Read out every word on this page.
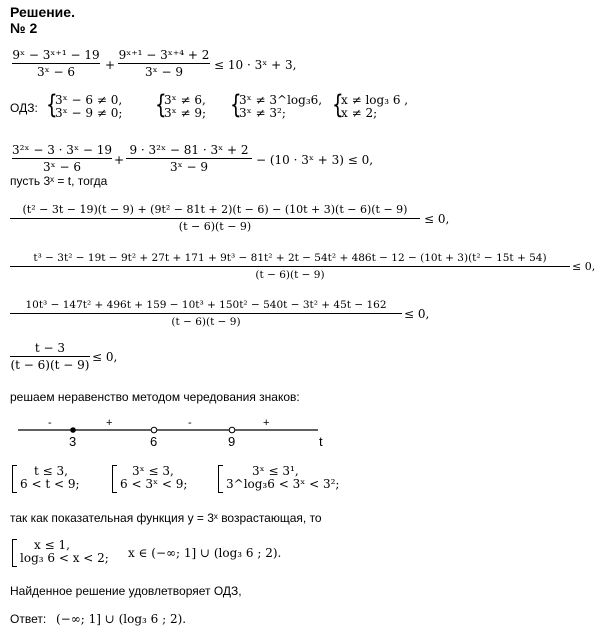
Решение.
№ 2
9ˣ − 3ˣ⁺¹ − 19
3ˣ − 6	+
9ˣ⁺¹ − 3ˣ⁺⁴ + 2
3ˣ − 9	≤ 10 · 3ˣ + 3,
ОДЗ: {
3ˣ − 6 ≠ 0,
3ˣ − 9 ≠ 0; {
3ˣ ≠ 6,
3ˣ ≠ 9; {
3ˣ ≠ 3^log₃6,
3ˣ ≠ 3²;	{
x ≠ log₃ 6 ,
x ≠ 2;
3²ˣ − 3 · 3ˣ − 19
3ˣ − 6	+
9 · 3²ˣ − 81 · 3ˣ + 2
3ˣ − 9	− (10 · 3ˣ + 3) ≤ 0,
пусть 3ˣ = t, тогда
(t² − 3t − 19)(t − 9) + (9t² − 81t + 2)(t − 6) − (10t + 3)(t − 6)(t − 9)
(t − 6)(t − 9)
≤ 0,
t³ − 3t² − 19t − 9t² + 27t + 171 + 9t³ − 81t² + 2t − 54t² + 486t − 12 − (10t + 3)(t² − 15t + 54)
(t − 6)(t − 9)
≤ 0,
10t³ − 147t² + 496t + 159 − 10t³ + 150t² − 540t − 3t² + 45t − 162
(t − 6)(t − 9)
≤ 0,
t − 3
(t − 6)(t − 9)
≤ 0,
решаем неравенство методом чередования знаков:
-	+	-	+
3	6	9	t
t ≤ 3,
6 < t < 9;
3ˣ ≤ 3,
6 < 3ˣ < 9;
3ˣ ≤ 3¹,
3^log₃6 < 3ˣ < 3²;
так как показательная функция y = 3ˣ возрастающая, то
x ≤ 1,
log₃ 6 < x < 2; x ∈ (−∞; 1] ∪ (log₃ 6 ; 2).
Найденное решение удовлетворяет ОДЗ,
Ответ: (−∞; 1] ∪ (log₃ 6 ; 2).
